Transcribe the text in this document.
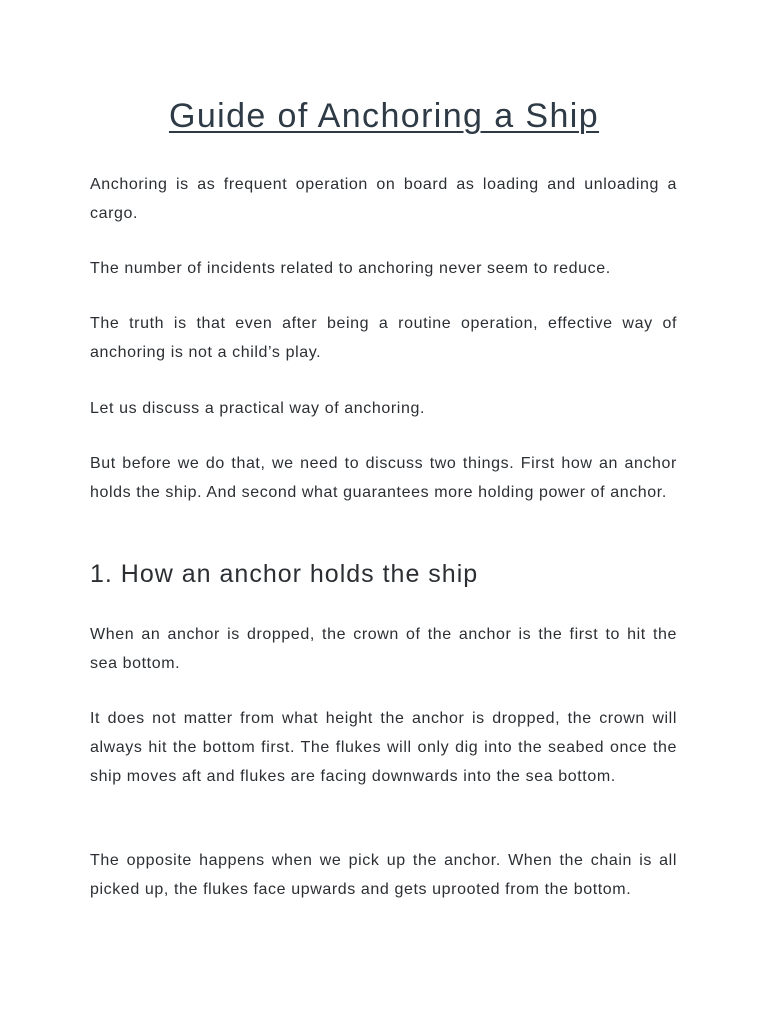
Guide of Anchoring a Ship

Anchoring is as frequent operation on board as loading and unloading a cargo.

The number of incidents related to anchoring never seem to reduce.

The truth is that even after being a routine operation, effective way of anchoring is not a child’s play.

Let us discuss a practical way of anchoring.

But before we do that, we need to discuss two things. First how an anchor holds the ship. And second what guarantees more holding power of anchor.

1. How an anchor holds the ship

When an anchor is dropped, the crown of the anchor is the first to hit the sea bottom.

It does not matter from what height the anchor is dropped, the crown will always hit the bottom first. The flukes will only dig into the seabed once the ship moves aft and flukes are facing downwards into the sea bottom.

The opposite happens when we pick up the anchor. When the chain is all picked up, the flukes face upwards and gets uprooted from the bottom.
